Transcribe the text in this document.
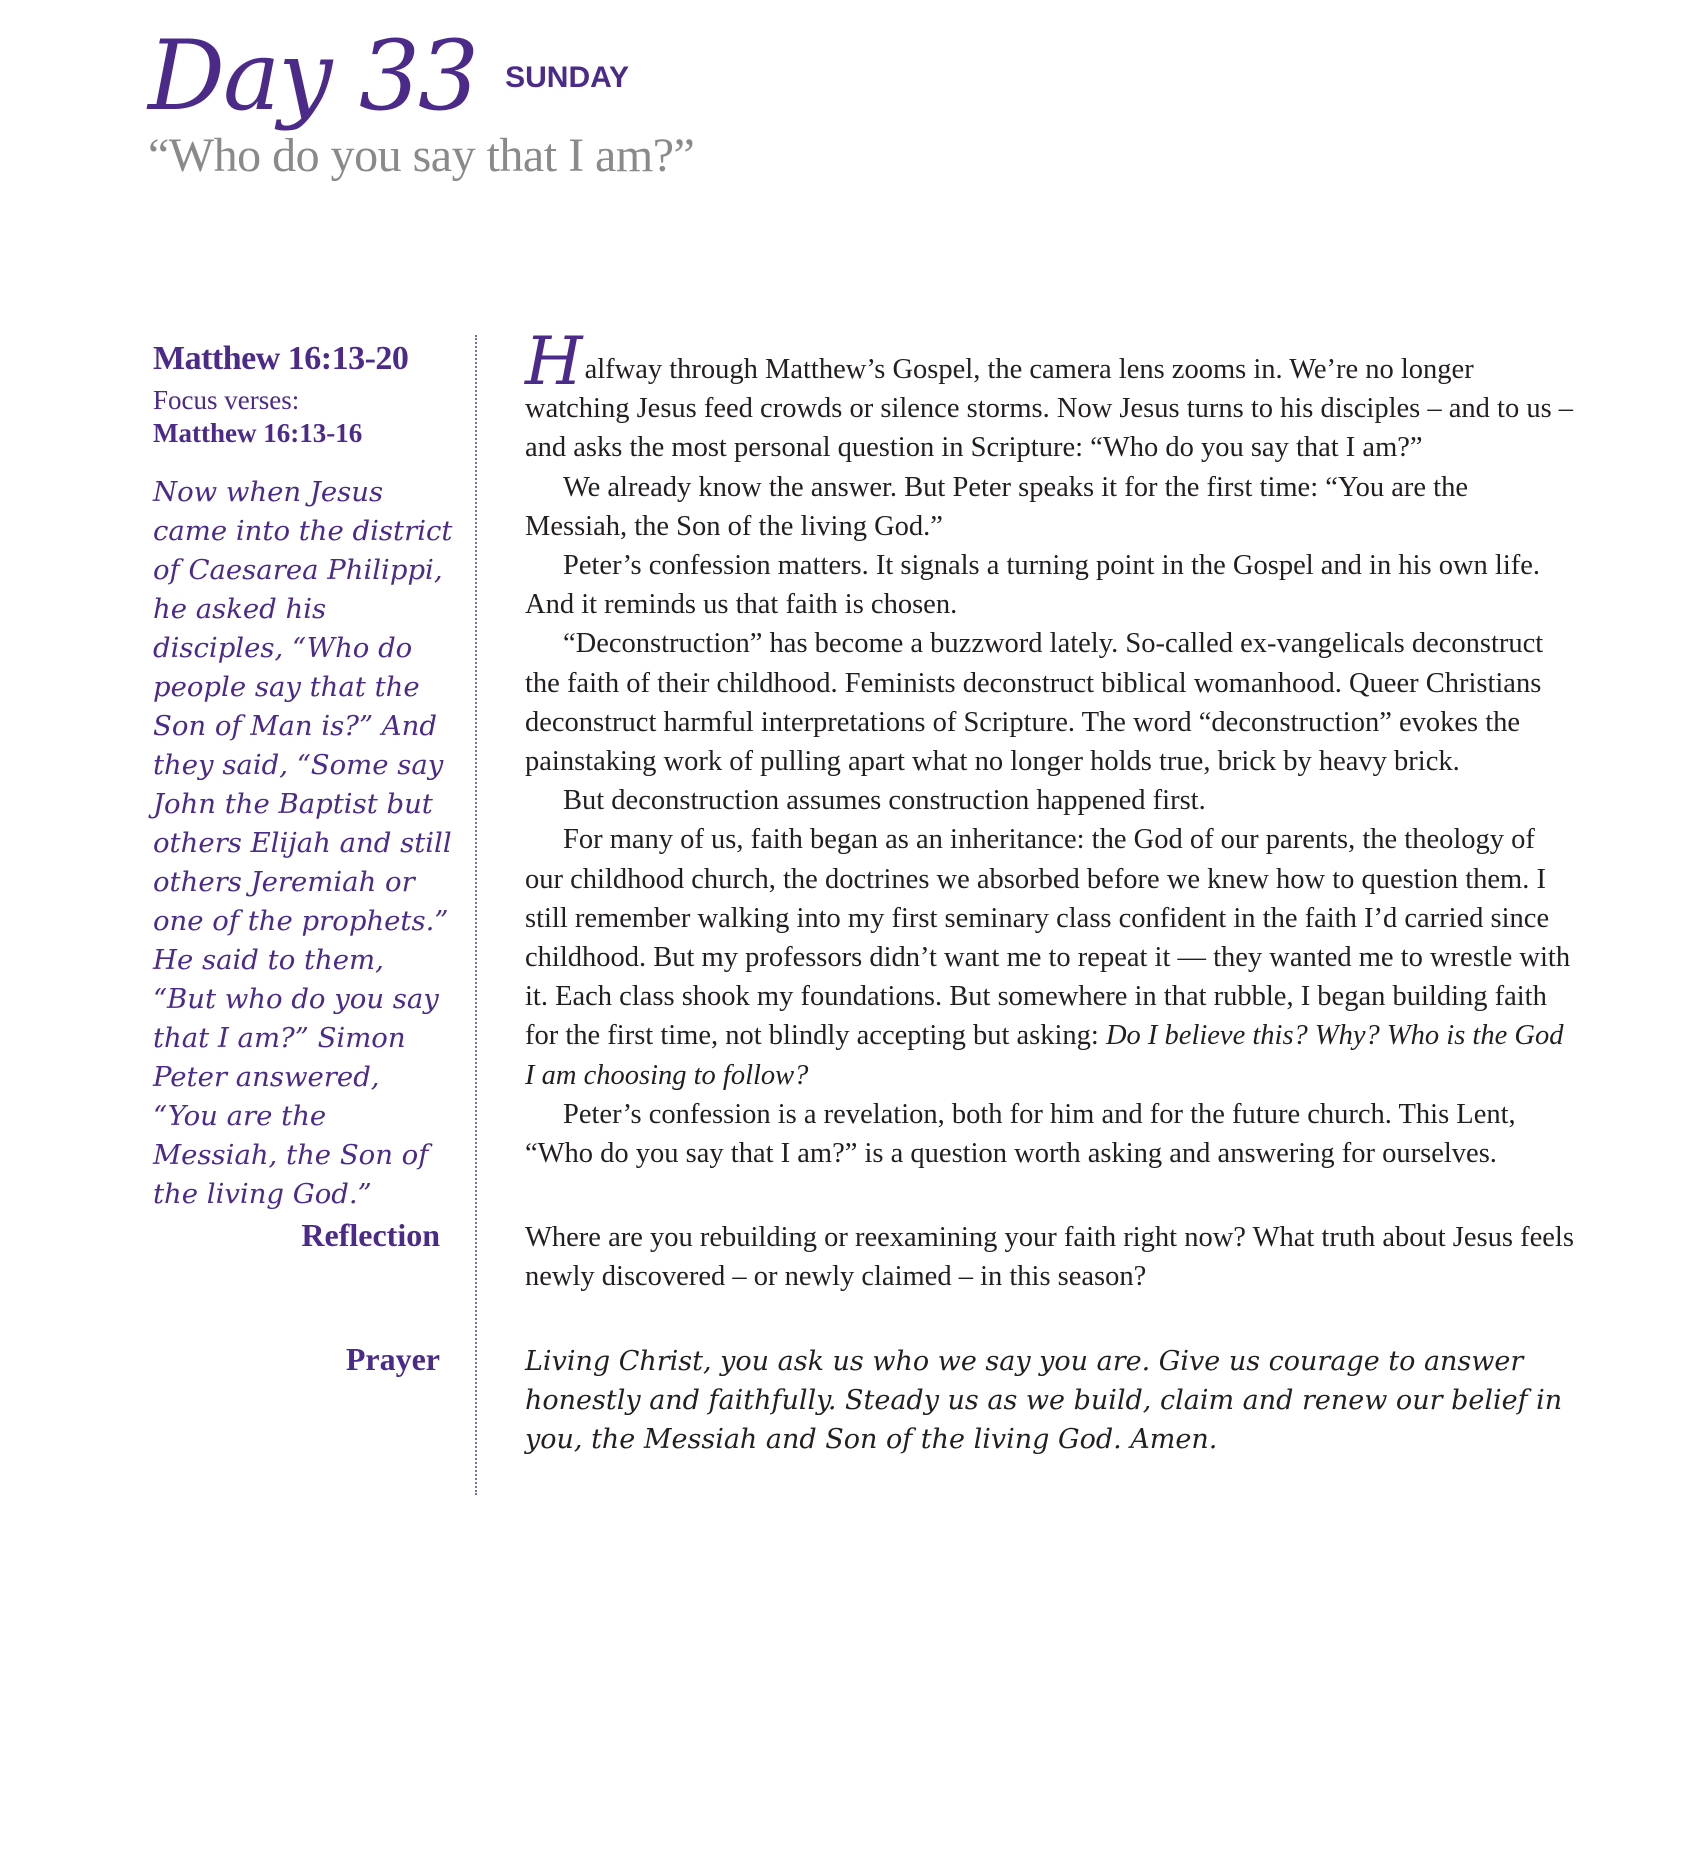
Day 33 SUNDAY
“Who do you say that I am?”
Matthew 16:13-20
Focus verses:
Matthew 16:13-16
Now when Jesus came into the district of Caesarea Philippi, he asked his disciples, “Who do people say that the Son of Man is?” And they said, “Some say John the Baptist but others Elijah and still others Jeremiah or one of the prophets.” He said to them, “But who do you say that I am?” Simon Peter answered, “You are the Messiah, the Son of the living God.”

Halfway through Matthew’s Gospel, the camera lens zooms in. We’re no longer watching Jesus feed crowds or silence storms. Now Jesus turns to his disciples – and to us – and asks the most personal question in Scripture: “Who do you say that I am?”

We already know the answer. But Peter speaks it for the first time: “You are the Messiah, the Son of the living God.”

Peter’s confession matters. It signals a turning point in the Gospel and in his own life. And it reminds us that faith is chosen.

“Deconstruction” has become a buzzword lately. So-called ex-vangelicals deconstruct the faith of their childhood. Feminists deconstruct biblical womanhood. Queer Christians deconstruct harmful interpretations of Scripture. The word “deconstruction” evokes the painstaking work of pulling apart what no longer holds true, brick by heavy brick.

But deconstruction assumes construction happened first.

For many of us, faith began as an inheritance: the God of our parents, the theology of our childhood church, the doctrines we absorbed before we knew how to question them. I still remember walking into my first seminary class confident in the faith I’d carried since childhood. But my professors didn’t want me to repeat it — they wanted me to wrestle with it. Each class shook my foundations. But somewhere in that rubble, I began building faith for the first time, not blindly accepting but asking: Do I believe this? Why? Who is the God I am choosing to follow?

Peter’s confession is a revelation, both for him and for the future church. This Lent, “Who do you say that I am?” is a question worth asking and answering for ourselves.

Reflection	Where are you rebuilding or reexamining your faith right now? What truth about Jesus feels newly discovered – or newly claimed – in this season?
Prayer	Living Christ, you ask us who we say you are. Give us courage to answer honestly and faithfully. Steady us as we build, claim and renew our belief in you, the Messiah and Son of the living God. Amen.
